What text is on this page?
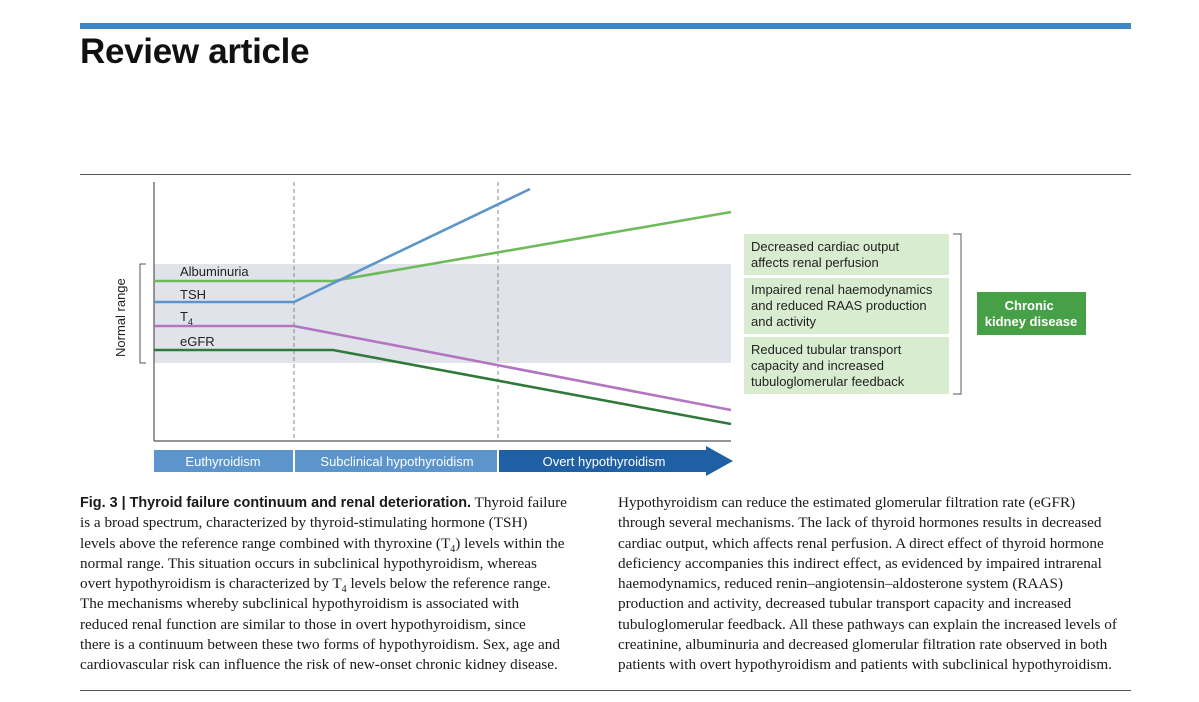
Review article
Normal range
Albuminuria
TSH
$T_4$
eGFR
Euthyroidism	Subclinical hypothyroidism	Overt hypothyroidism
Decreased cardiac output affects renal perfusion
Impaired renal haemodynamics and reduced RAAS production and activity
Reduced tubular transport capacity and increased tubuloglomerular feedback
Chronic kidney disease
Fig. 3 | Thyroid failure continuum and renal deterioration. Thyroid failure
is a broad spectrum, characterized by thyroid-stimulating hormone (TSH)
levels above the reference range combined with thyroxine $(T_4)$ levels within the
normal range. This situation occurs in subclinical hypothyroidism, whereas
overt hypothyroidism is characterized by $T_4$ levels below the reference range.
The mechanisms whereby subclinical hypothyroidism is associated with
reduced renal function are similar to those in overt hypothyroidism, since
there is a continuum between these two forms of hypothyroidism. Sex, age and
cardiovascular risk can influence the risk of new-onset chronic kidney disease.
Hypothyroidism can reduce the estimated glomerular filtration rate (eGFR)
through several mechanisms. The lack of thyroid hormones results in decreased
cardiac output, which affects renal perfusion. A direct effect of thyroid hormone
deficiency accompanies this indirect effect, as evidenced by impaired intrarenal
haemodynamics, reduced renin–angiotensin–aldosterone system (RAAS)
production and activity, decreased tubular transport capacity and increased
tubuloglomerular feedback. All these pathways can explain the increased levels of
creatinine, albuminuria and decreased glomerular filtration rate observed in both
patients with overt hypothyroidism and patients with subclinical hypothyroidism.
